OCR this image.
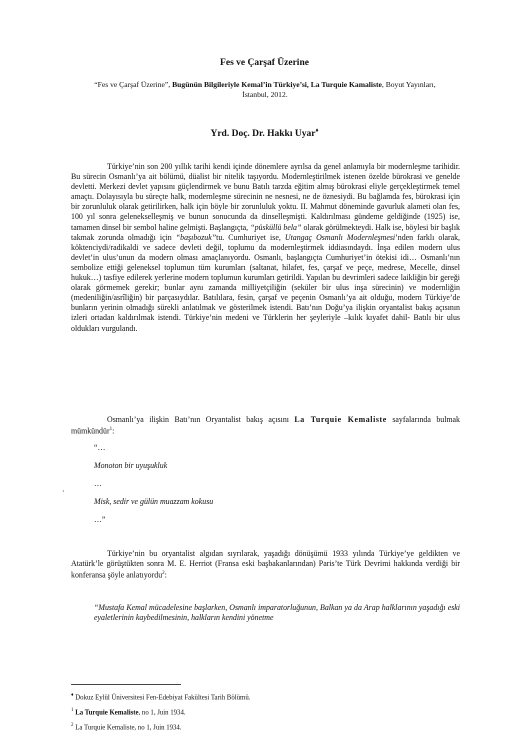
Fes ve Çarşaf Üzerine
“Fes ve Çarşaf Üzerine”, Bugünün Bilgileriyle Kemal’in Türkiye’si, La Turquie Kamaliste, Boyut Yayınları,
İstanbul, 2012.
Yrd. Doç. Dr. Hakkı Uyar♦
Türkiye’nin son 200 yıllık tarihi kendi içinde dönemlere ayrılsa da genel anlamıyla bir modernleşme tarihidir. Bu sürecin Osmanlı’ya ait bölümü, düalist bir nitelik taşıyordu. Modernleştirilmek istenen özelde bürokrasi ve genelde devletti. Merkezi devlet yapısını güçlendirmek ve bunu Batılı tarzda eğitim almış bürokrasi eliyle gerçekleştirmek temel amaçtı. Dolayısıyla bu süreçte halk, modernleşme sürecinin ne nesnesi, ne de öznesiydi. Bu bağlamda fes, bürokrasi için bir zorunluluk olarak getirilirken, halk için böyle bir zorunluluk yoktu. II. Mahmut döneminde gavurluk alameti olan fes, 100 yıl sonra gelenekselleşmiş ve bunun sonucunda da dinselleşmişti. Kaldırılması gündeme geldiğinde (1925) ise, tamamen dinsel bir sembol haline gelmişti. Başlangıçta, “püsküllü bela” olarak görülmekteydi. Halk ise, böylesi bir başlık takmak zorunda olmadığı için “başıbozuk”tu. Cumhuriyet ise, Utangaç Osmanlı Modernleşmesi’nden farklı olarak, köktenciydi/radikaldi ve sadece devleti değil, toplumu da modernleştirmek iddiasındaydı. İnşa edilen modern ulus devlet’in ulus’unun da modern olması amaçlanıyordu. Osmanlı, başlangıçta Cumhuriyet’in ötekisi idi… Osmanlı’nın sembolize ettiği geleneksel toplumun tüm kurumları (saltanat, hilafet, fes, çarşaf ve peçe, medrese, Mecelle, dinsel hukuk…) tasfiye edilerek yerlerine modern toplumun kurumları getirildi. Yapılan bu devrimleri sadece laikliğin bir gereği olarak görmemek gerekir; bunlar aynı zamanda milliyetçiliğin (seküler bir ulus inşa sürecinin) ve modernliğin (medeniliğin/asrîliğin) bir parçasıydılar. Batılılara, fesin, çarşaf ve peçenin Osmanlı’ya ait olduğu, modern Türkiye’de bunların yerinin olmadığı sürekli anlatılmak ve gösterilmek istendi. Batı’nın Doğu’ya ilişkin oryantalist bakış açısının izleri ortadan kaldırılmak istendi. Türkiye’nin medeni ve Türklerin her şeyleriyle –kılık kıyafet dahil- Batılı bir ulus oldukları vurgulandı.
Osmanlı’ya ilişkin Batı’nın Oryantalist bakış açısını La Turquie Kemaliste sayfalarında bulmak mümkündür$^1$:
“…
Monoton bir uyuşukluk
…
Misk, sedir ve gülün muazzam kokusu
…”
·
Türkiye’nin bu oryantalist algıdan sıyrılarak, yaşadığı dönüşümü 1933 yılında Türkiye’ye geldikten ve Atatürk’le görüştükten sonra M. E. Herriot (Fransa eski başbakanlarından) Paris’te Türk Devrimi hakkında verdiği bir konferansa şöyle anlatıyordu$^2$:
“Mustafa Kemal mücadelesine başlarken, Osmanlı imparatorluğunun, Balkan ya da Arap halklarının yaşadığı eski eyaletlerinin kaybedilmesinin, halkların kendini yönetme
♦ Dokuz Eylül Üniversitesi Fen-Edebiyat Fakültesi Tarih Bölümü.
$^1$ La Turquie Kemaliste, no 1, Juin 1934.
$^2$ La Turquie Kemaliste, no 1, Juin 1934.
